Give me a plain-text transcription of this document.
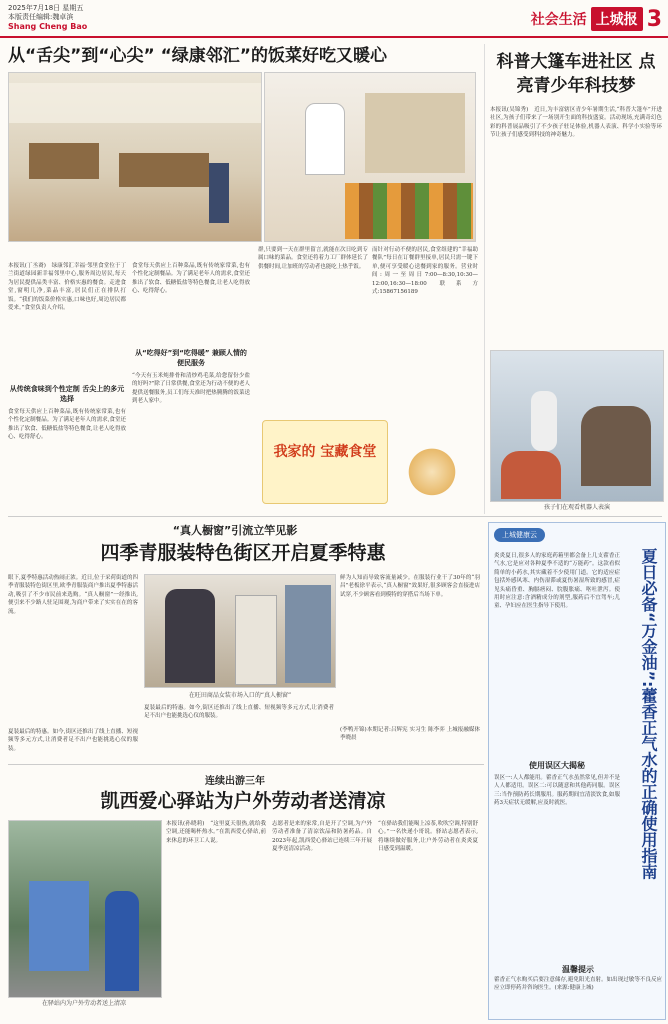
2025年7月18日 星期五
本版责任编辑:魏卓滨
Shang Cheng Bao	社会生活 上城报 3
从“舌尖”到“心尖” “绿康邻汇”的饭菜好吃又暖心
本报讯(丁丞裔)　绿康邻汇幸福·邻里食堂位于丁兰街道绿园新幸福邻里中心,服务周边居民,每天为居民提供品类丰富、价格实惠的餐食。走进食堂,窗明几净,菜品丰富,居民们正在排队打饭。“我们的饭菜价格实惠,口味也好,周边居民都爱来。”食堂负责人介绍。
从传统食味到个性定制 舌尖上的多元选择
食堂每天供应上百种菜品,既有传统家常菜,也有个性化定制餐品。为了满足老年人的需求,食堂还推出了软食、低糖低盐等特色餐食,让老人吃得放心、吃得舒心。
食堂每天供应上百种菜品,既有传统家常菜,也有个性化定制餐品。为了满足老年人的需求,食堂还推出了软食、低糖低盐等特色餐食,让老人吃得放心、吃得舒心。
从“吃得好”到“吃得暖” 兼顾人情的便民服务
“今天有玉米炖排骨和清炒鸡毛菜,给您留份少盐的好吗?”除了日常供餐,食堂还为行动不便的老人提供送餐服务,员工们每天准时把热腾腾的饭菜送到老人家中。
群,只要到一天在群里留言,就能在次日吃到专属口味的菜品。食堂还将着力工厂群体延长了供餐时间,让加班的劳动者也能吃上热乎饭。
而针对行动不便的居民,食堂组建的“幸福助餐队”每日在订餐群里接单,居民只需一键下单,便可享受暖心送餐到家的服务。营业时间:周一至周日7:00—8:30,10:30—12:00,16:30—18:00 联系方式:15867156189
我家的 宝藏食堂
科普大篷车进社区 点亮青少年科技梦
本报讯(吴锦秀)　近日,为丰富辖区青少年暑期生活,“科普大篷车”开进社区,为孩子们带来了一场别开生面的科技盛宴。活动现场,充满奇幻色彩的科普展品吸引了不少孩子驻足体验,机器人表演、科学小实验等环节让孩子们感受到科技的神奇魅力。
孩子们在观看机器人表演
“真人橱窗”引流立竿见影
四季青服装特色街区开启夏季特惠
眼下,夏季特惠活动热闹正浓。近日,位于采荷街道的四季青服装特色街区里,欧季青服装商户推出夏季特惠活动,吸引了不少市民前来选购。“真人橱窗”一经推出,便引来不少路人驻足围观,为商户带来了实实在在的客流。
夏装最后的特惠。如今,街区还推出了线上直播、短视频等多元方式,让消费者足不出户也能挑选心仪的服装。
在旺田商品女装市场入口的“真人橱窗”
夏装最后的特惠。如今,街区还推出了线上直播、短视频等多元方式,让消费者足不出户也能挑选心仪的服装。
鲜为人知而导致客流量减少。在服装行业干了30年的“羽昌”老板徐平表示,“真人橱窗”效果好,很多顾客会直接进店试穿,不少顾客看到模特的穿搭后当场下单。
(李鸭开锦)本期记者:吕辉宪 实习生 陈李弈 上城报融媒体 季晓晨
连续出游三年
凯西爱心驿站为户外劳动者送清凉
在驿站内为户外劳动者送上清凉
本报讯(孙晓莉)　“这里夏天很热,就给我空调,还能喝杯热水。”在凯西爱心驿站,前来休息的环卫工人说。
志愿者是来的家常,自是开了空调,为户外劳动者准备了清凉饮品和防暑药品。自2023年起,凯西爱心驿站已连续三年开展夏季送清凉活动。
“在驿站我们能喝上凉茶,吹吹空调,特别舒心。”一名快递小哥说。驿站志愿者表示,将继续做好服务,让户外劳动者在炎炎夏日感受到温暖。
上城健康云
炎炎夏日,很多人的家庭药箱里都会备上几支藿香正气水,它是应对各种夏季不适的“万能药”。这款看似简单的小药水,其实藏着不少使用门道。它的适应症包括外感风寒、内伤湿滞或夏伤暑湿所致的感冒,症见头痛昏重、胸膈痞闷、脘腹胀痛、呕吐泄泻。使用时应注意:含酒精成分的剂型,服药后不宜驾车;儿童、孕妇应在医生指导下使用。	夏日必备“万金油”:藿香正气水的正确使用指南
使用误区大揭秘
误区一:人人都能用。藿香正气水虽然常见,但并不是人人都适用。误区二:可以随意和其他药同服。误区三:当作预防药长期服用。服药期间宜清淡饮食,如服药3天症状无缓解,应及时就医。
温馨提示
藿香正气水购买后要注意储存,避免阳光直射。如出现过敏等不良反应应立即停药并咨询医生。(来源:健康上城)
